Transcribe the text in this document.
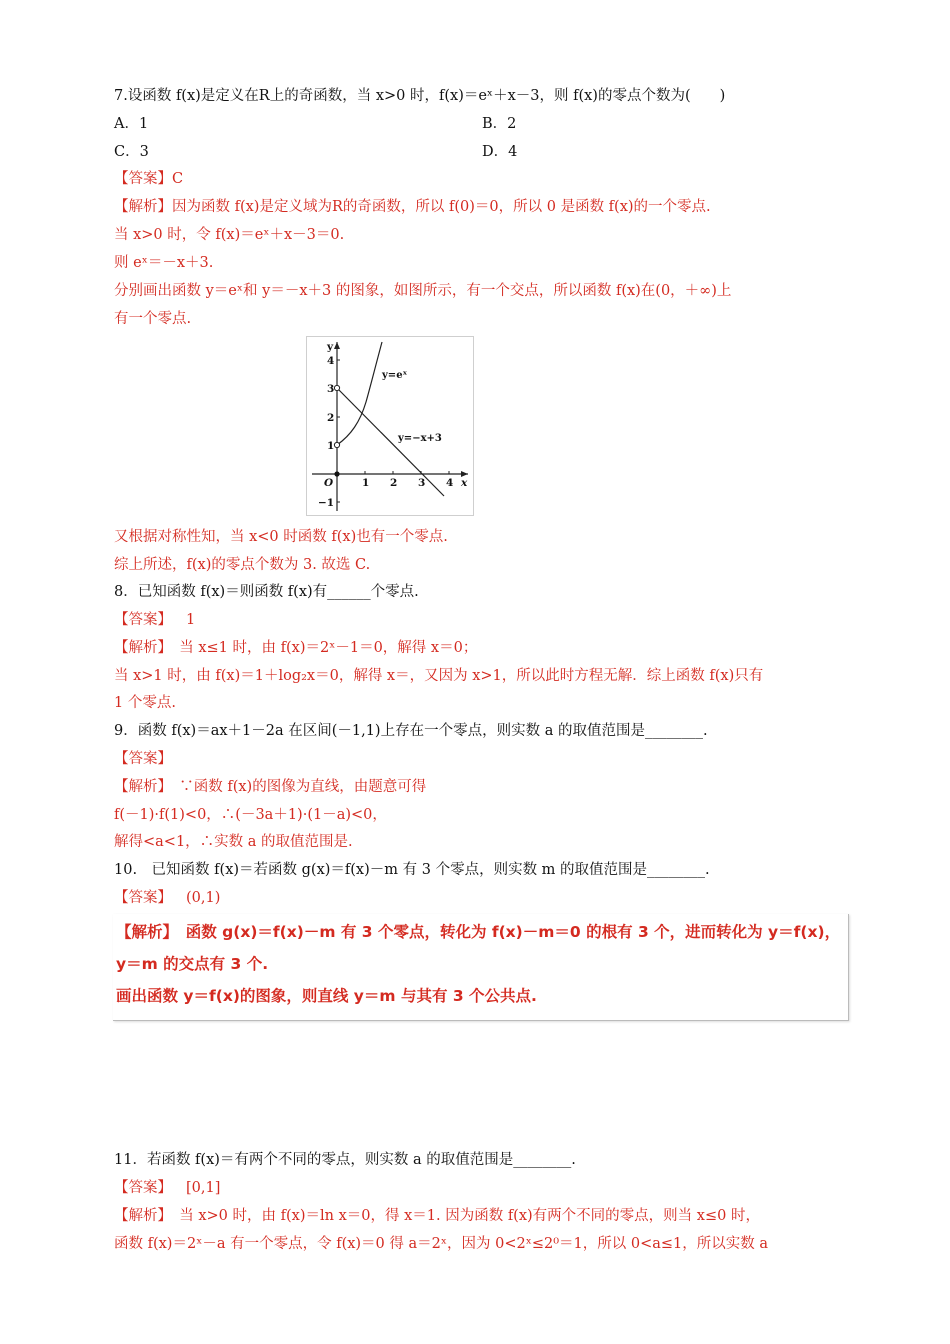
7.设函数 f(x)是定义在R上的奇函数，当 x>0 时，f(x)＝eˣ＋x－3，则 f(x)的零点个数为(　　)
A．1	B．2
C．3	D．4
【答案】C
【解析】因为函数 f(x)是定义域为R的奇函数，所以 f(0)＝0，所以 0 是函数 f(x)的一个零点.
当 x>0 时，令 f(x)＝eˣ＋x－3＝0.
则 eˣ＝－x＋3.
分别画出函数 y＝eˣ和 y＝－x＋3 的图象，如图所示，有一个交点，所以函数 f(x)在(0，＋∞)上
有一个零点.
y
x
O	1 2 3 4
4
3
2
1
−1
y=eˣ
y=−x+3
又根据对称性知，当 x<0 时函数 f(x)也有一个零点.
综上所述，f(x)的零点个数为 3. 故选 C.
8．已知函数 f(x)＝则函数 f(x)有______个零点.
【答案】 1
【解析】　当 x≤1 时，由 f(x)＝2ˣ－1＝0，解得 x＝0；
当 x>1 时，由 f(x)＝1＋log₂x＝0，解得 x＝，又因为 x>1，所以此时方程无解．综上函数 f(x)只有
1 个零点.
9．函数 f(x)＝ax＋1－2a 在区间(－1,1)上存在一个零点，则实数 a 的取值范围是________.
【答案】
【解析】　∵函数 f(x)的图像为直线，由题意可得
f(－1)·f(1)<0，∴(－3a＋1)·(1－a)<0，
解得<a<1，∴实数 a 的取值范围是.
10.　已知函数 f(x)＝若函数 g(x)＝f(x)－m 有 3 个零点，则实数 m 的取值范围是________.
【答案】 (0,1)
【解析】　函数 g(x)＝f(x)－m 有 3 个零点，转化为 f(x)－m＝0 的根有 3 个，进而转化为 y＝f(x)，
y＝m 的交点有 3 个.
画出函数 y＝f(x)的图象，则直线 y＝m 与其有 3 个公共点.
11．若函数 f(x)＝有两个不同的零点，则实数 a 的取值范围是________.
【答案】 [0,1]
【解析】　当 x>0 时，由 f(x)＝ln x＝0，得 x＝1. 因为函数 f(x)有两个不同的零点，则当 x≤0 时，
函数 f(x)＝2ˣ－a 有一个零点，令 f(x)＝0 得 a＝2ˣ，因为 0<2ˣ≤2⁰＝1，所以 0<a≤1，所以实数 a
